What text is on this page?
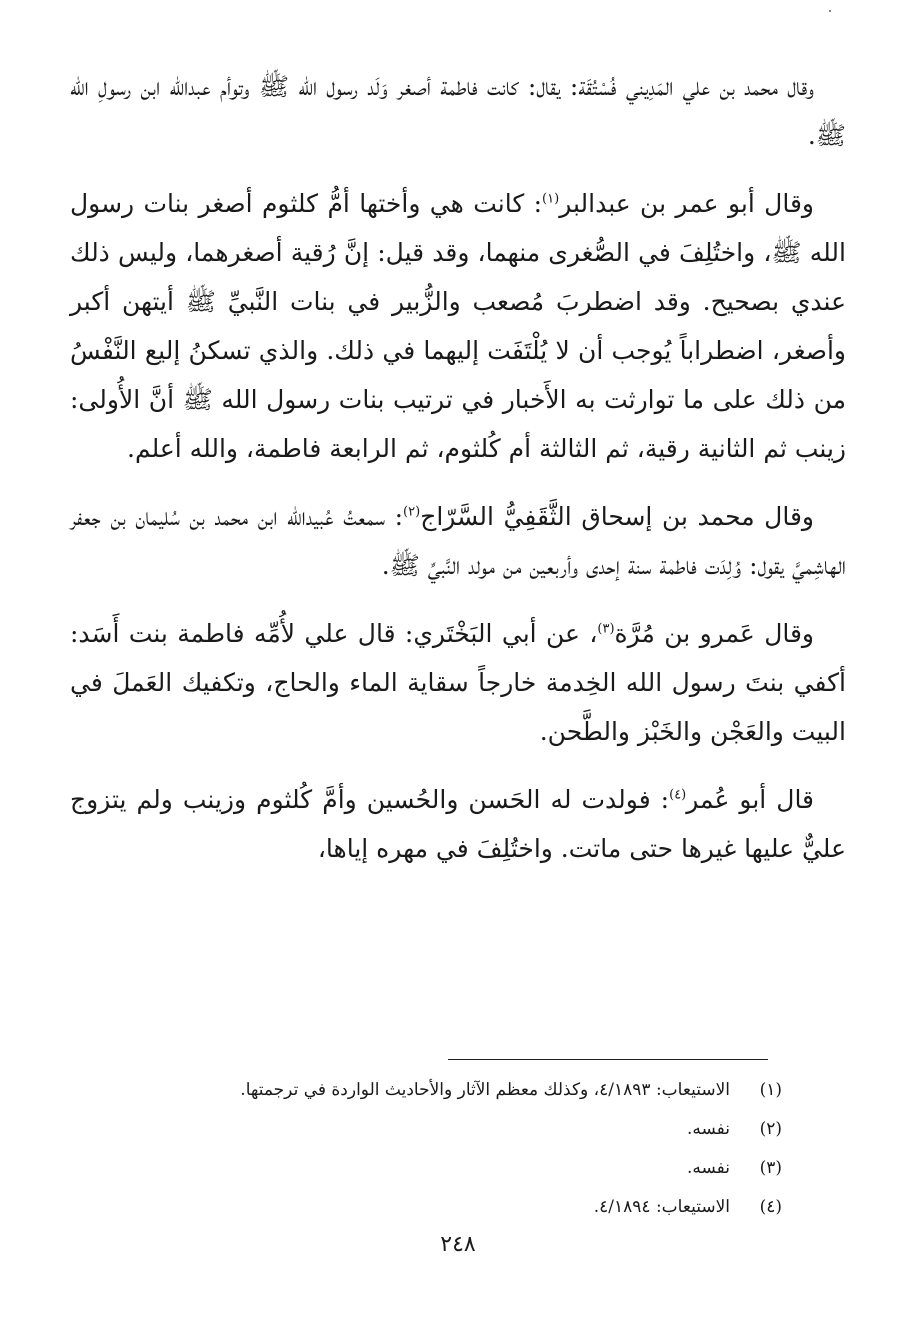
وقال محمد بن علي المَدِيني فُسْتُقَة: يقال: كانت فاطمة أصغر وَلَد رسول الله ﷺ وتوأم عبدالله ابن رسولِ الله ﷺ.

وقال أبو عمر بن عبدالبر$^{(١)}$: كانت هي وأختها أمُّ كلثوم أصغر بنات رسول الله ﷺ، واختُلِفَ في الصُّغرى منهما، وقد قيل: إنَّ رُقية أصغرهما، وليس ذلك عندي بصحيح. وقد اضطربَ مُصعب والزُّبير في بنات النَّبيِّ ﷺ أيتهن أكبر وأصغر، اضطراباً يُوجب أن لا يُلْتَفَت إليهما في ذلك. والذي تسكنُ إليع النَّفْسُ من ذلك على ما توارثت به الأَخبار في ترتيب بنات رسول الله ﷺ أنَّ الأُولى: زينب ثم الثانية رقية، ثم الثالثة أم كُلثوم، ثم الرابعة فاطمة، والله أعلم.

وقال محمد بن إسحاق الثَّقَفِيُّ السَّرّاج$^{(٢)}$: سمعتُ عُبيدالله ابن محمد بن سُليمان بن جعفر الهاشِميَّ يقول: وُلِدَت فاطمة سنة إحدى وأربعين من مولد النَّبيِّ ﷺ.

وقال عَمرو بن مُرَّة$^{(٣)}$، عن أبي البَخْتَري: قال علي لأُمِّه فاطمة بنت أَسَد: أكفي بنتَ رسول الله الخِدمة خارجاً سقاية الماء والحاج، وتكفيك العَملَ في البيت والعَجْن والخَبْز والطَّحن.

قال أبو عُمر$^{(٤)}$: فولدت له الحَسن والحُسين وأمَّ كُلثوم وزينب ولم يتزوج عليٌّ عليها غيرها حتى ماتت. واختُلِفَ في مهره إياها،

(١)الاستيعاب: ٤/١٨٩٣، وكذلك معظم الآثار والأحاديث الواردة في ترجمتها.
(٢)نفسه.
(٣)نفسه.
(٤)الاستيعاب: ٤/١٨٩٤.
٢٤٨
